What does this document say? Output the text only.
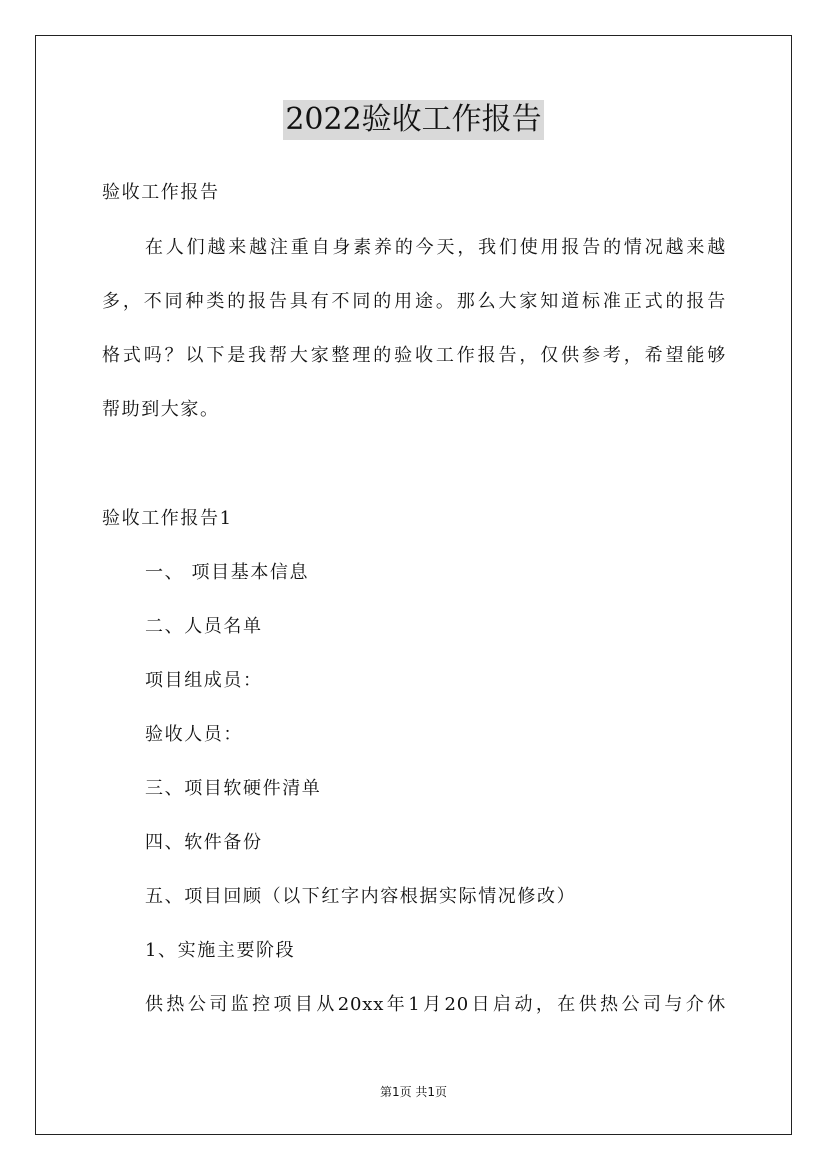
2022验收工作报告
验收工作报告
在人们越来越注重自身素养的今天，我们使用报告的情况越来越
多，不同种类的报告具有不同的用途。那么大家知道标准正式的报告
格式吗？以下是我帮大家整理的验收工作报告，仅供参考，希望能够
帮助到大家。
验收工作报告1
一、 项目基本信息
二、人员名单
项目组成员：
验收人员：
三、项目软硬件清单
四、软件备份
五、项目回顾（以下红字内容根据实际情况修改）
1、实施主要阶段
供热公司监控项目从20xx年1月20日启动，在供热公司与介休
第1页 共1页
